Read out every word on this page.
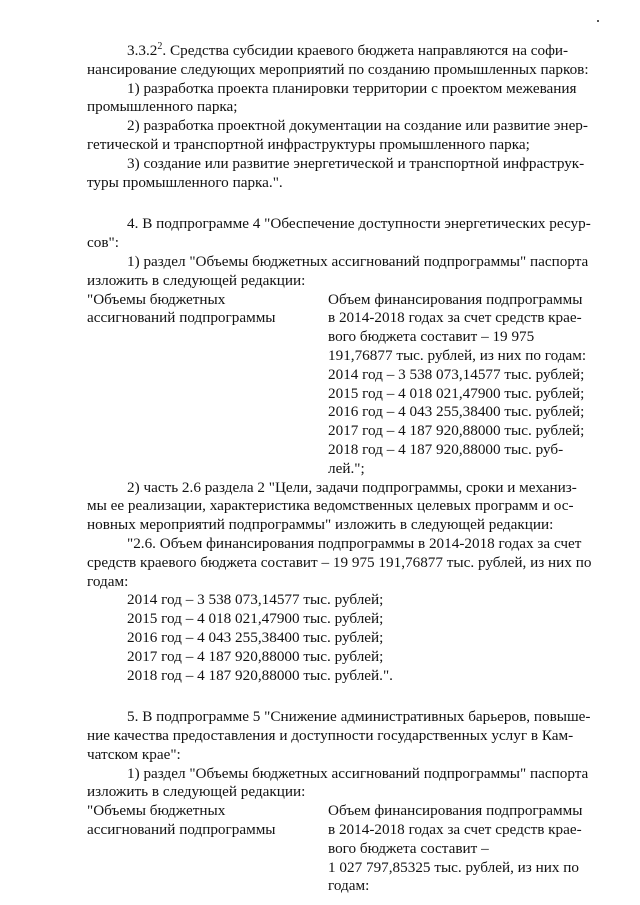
3.3.2$^2$. Средства субсидии краевого бюджета направляются на софи-

нансирование следующих мероприятий по созданию промышленных парков:

1) разработка проекта планировки территории с проектом межевания

промышленного парка;

2) разработка проектной документации на создание или развитие энер-

гетической и транспортной инфраструктуры промышленного парка;

3) создание или развитие энергетической и транспортной инфраструк-

туры промышленного парка.".

4. В подпрограмме 4 "Обеспечение доступности энергетических ресур-

сов":

1) раздел "Объемы бюджетных ассигнований подпрограммы" паспорта

изложить в следующей редакции:

"Объемы бюджетных
ассигнований подпрограммы
Объем финансирования подпрограммы
в 2014-2018 годах за счет средств крае-
вого бюджета составит – 19 975
191,76877 тыс. рублей, из них по годам:
2014 год – 3 538 073,14577 тыс. рублей;
2015 год – 4 018 021,47900 тыс. рублей;
2016 год – 4 043 255,38400 тыс. рублей;
2017 год – 4 187 920,88000 тыс. рублей;
2018 год – 4 187 920,88000 тыс. руб-
лей.";

2) часть 2.6 раздела 2 "Цели, задачи подпрограммы, сроки и механиз-

мы ее реализации, характеристика ведомственных целевых программ и ос-

новных мероприятий подпрограммы" изложить в следующей редакции:

"2.6. Объем финансирования подпрограммы в 2014-2018 годах за счет

средств краевого бюджета составит – 19 975 191,76877 тыс. рублей, из них по

годам:

2014 год – 3 538 073,14577 тыс. рублей;
2015 год – 4 018 021,47900 тыс. рублей;
2016 год – 4 043 255,38400 тыс. рублей;
2017 год – 4 187 920,88000 тыс. рублей;
2018 год – 4 187 920,88000 тыс. рублей.".

5. В подпрограмме 5 "Снижение административных барьеров, повыше-

ние качества предоставления и доступности государственных услуг в Кам-

чатском крае":

1) раздел "Объемы бюджетных ассигнований подпрограммы" паспорта

изложить в следующей редакции:

"Объемы бюджетных
ассигнований подпрограммы
Объем финансирования подпрограммы
в 2014-2018 годах за счет средств крае-
вого бюджета составит –
1 027 797,85325 тыс. рублей, из них по
годам:
